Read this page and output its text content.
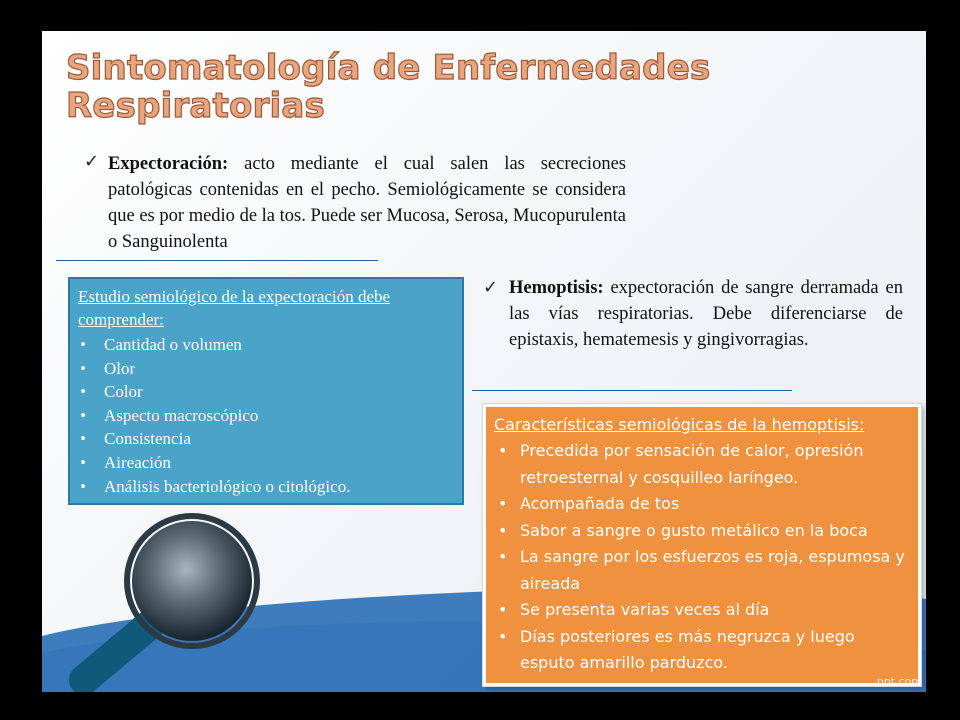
Sintomatología de Enfermedades
Respiratorias
✓ Expectoración: acto mediante el cual salen las secreciones patológicas contenidas en el pecho. Semiológicamente se considera que es por medio de la tos. Puede ser Mucosa, Serosa, Mucopurulenta o Sanguinolenta
Estudio semiológico de la expectoración debe comprender:
• Cantidad o volumen
• Olor
• Color
• Aspecto macroscópico
• Consistencia
• Aireación
• Análisis bacteriológico o citológico.
✓ Hemoptisis: expectoración de sangre derramada en las vías respiratorias. Debe diferenciarse de epistaxis, hematemesis y gingivorragias.
Características semiológicas de la hemoptisis:
• Precedida por sensación de calor, opresión retroesternal y cosquilleo laríngeo.
• Acompañada de tos
• Sabor a sangre o gusto metálico en la boca
• La sangre por los esfuerzos es roja, espumosa y aireada
• Se presenta varias veces al día
• Días posteriores es más negruzca y luego esputo amarillo parduzco.
ppt.com
